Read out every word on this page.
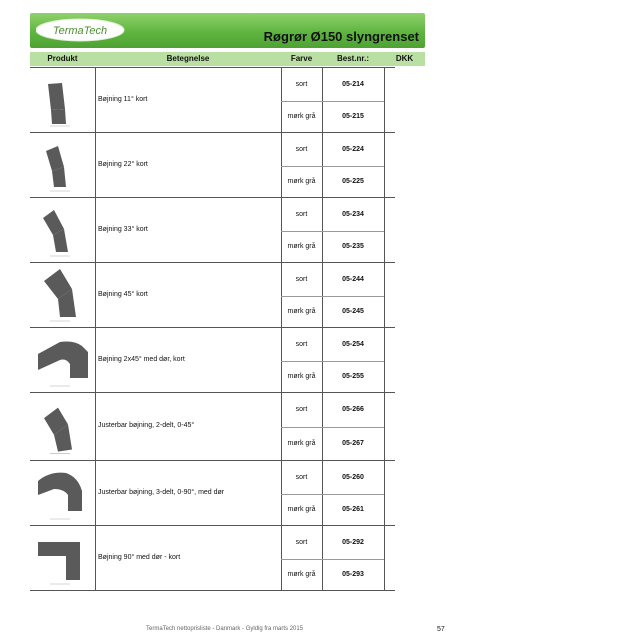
TermaTech	Røgrør Ø150 slyngrenset
Produkt	Betegnelse	Farve	Best.nr.:	DKK
Bøjning 11° kort
sort	05-214
mørk grå	05-215
Bøjning 22° kort
sort	05-224
mørk grå	05-225
Bøjning 33° kort
sort	05-234
mørk grå	05-235
Bøjning 45° kort
sort	05-244
mørk grå	05-245
Bøjning 2x45° med dør, kort
sort	05-254
mørk grå	05-255
Justerbar bøjning, 2-delt, 0-45°
sort	05-266
mørk grå	05-267
Justerbar bøjning, 3-delt, 0-90°, med dør
sort	05-260
mørk grå	05-261
Bøjning 90° med dør - kort
sort	05-292
mørk grå	05-293
TermaTech nettoprisliste - Danmark - Gyldig fra marts 2015	57
